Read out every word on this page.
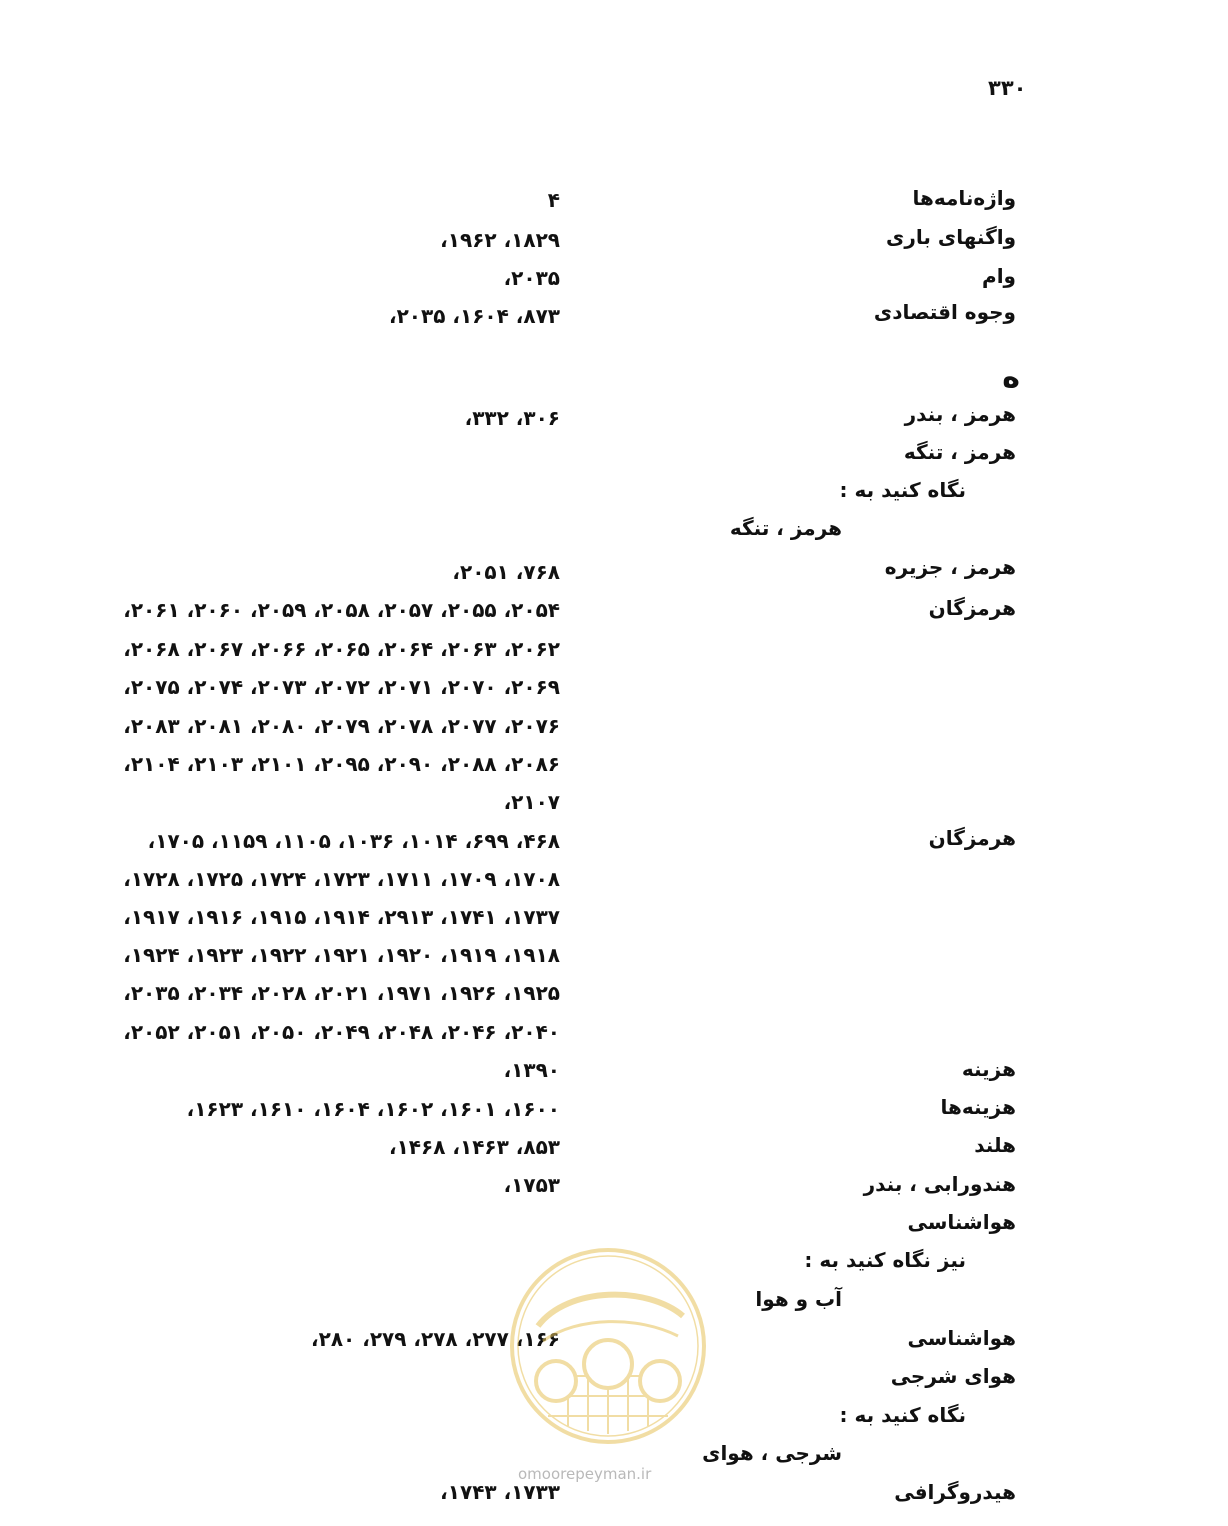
۳۳۰
واژه‌نامه‌ها
۴
واگنهای باری
۱۸۲۹، ۱۹۶۲،
وام
۲۰۳۵،
وجوه اقتصادی
۸۷۳، ۱۶۰۴، ۲۰۳۵،
ه
هرمز ، بندر
۳۰۶، ۳۳۲،
هرمز ، تنگه
نگاه کنید به :
هرمز ، تنگه
هرمز ، جزیره
۷۶۸، ۲۰۵۱،
هرمزگان
۲۰۵۴، ۲۰۵۵، ۲۰۵۷، ۲۰۵۸، ۲۰۵۹، ۲۰۶۰، ۲۰۶۱،
۲۰۶۲، ۲۰۶۳، ۲۰۶۴، ۲۰۶۵، ۲۰۶۶، ۲۰۶۷، ۲۰۶۸،
۲۰۶۹، ۲۰۷۰، ۲۰۷۱، ۲۰۷۲، ۲۰۷۳، ۲۰۷۴، ۲۰۷۵،
۲۰۷۶، ۲۰۷۷، ۲۰۷۸، ۲۰۷۹، ۲۰۸۰، ۲۰۸۱، ۲۰۸۳،
۲۰۸۶، ۲۰۸۸، ۲۰۹۰، ۲۰۹۵، ۲۱۰۱، ۲۱۰۳، ۲۱۰۴،
۲۱۰۷،
هرمزگان
۴۶۸، ۶۹۹، ۱۰۱۴، ۱۰۳۶، ۱۱۰۵، ۱۱۵۹، ۱۷۰۵،
۱۷۰۸، ۱۷۰۹، ۱۷۱۱، ۱۷۲۳، ۱۷۲۴، ۱۷۲۵، ۱۷۲۸،
۱۷۳۷، ۱۷۴۱، ۲۹۱۳، ۱۹۱۴، ۱۹۱۵، ۱۹۱۶، ۱۹۱۷،
۱۹۱۸، ۱۹۱۹، ۱۹۲۰، ۱۹۲۱، ۱۹۲۲، ۱۹۲۳، ۱۹۲۴،
۱۹۲۵، ۱۹۲۶، ۱۹۷۱، ۲۰۲۱، ۲۰۲۸، ۲۰۳۴، ۲۰۳۵،
۲۰۴۰، ۲۰۴۶، ۲۰۴۸، ۲۰۴۹، ۲۰۵۰، ۲۰۵۱، ۲۰۵۲،
هزینه
۱۳۹۰،
هزینه‌ها
۱۶۰۰، ۱۶۰۱، ۱۶۰۲، ۱۶۰۴، ۱۶۱۰، ۱۶۲۳،
هلند
۸۵۳، ۱۴۶۳، ۱۴۶۸،
هندورابی ، بندر
۱۷۵۳،
هواشناسی
نیز نگاه کنید به :
آب و هوا
هواشناسی
۱۶۶، ۲۷۷، ۲۷۸، ۲۷۹، ۲۸۰،
هوای شرجی
نگاه کنید به :
شرجی ، هوای
هیدروگرافی
۱۷۳۳، ۱۷۴۳،
omoorepeyman.ir
